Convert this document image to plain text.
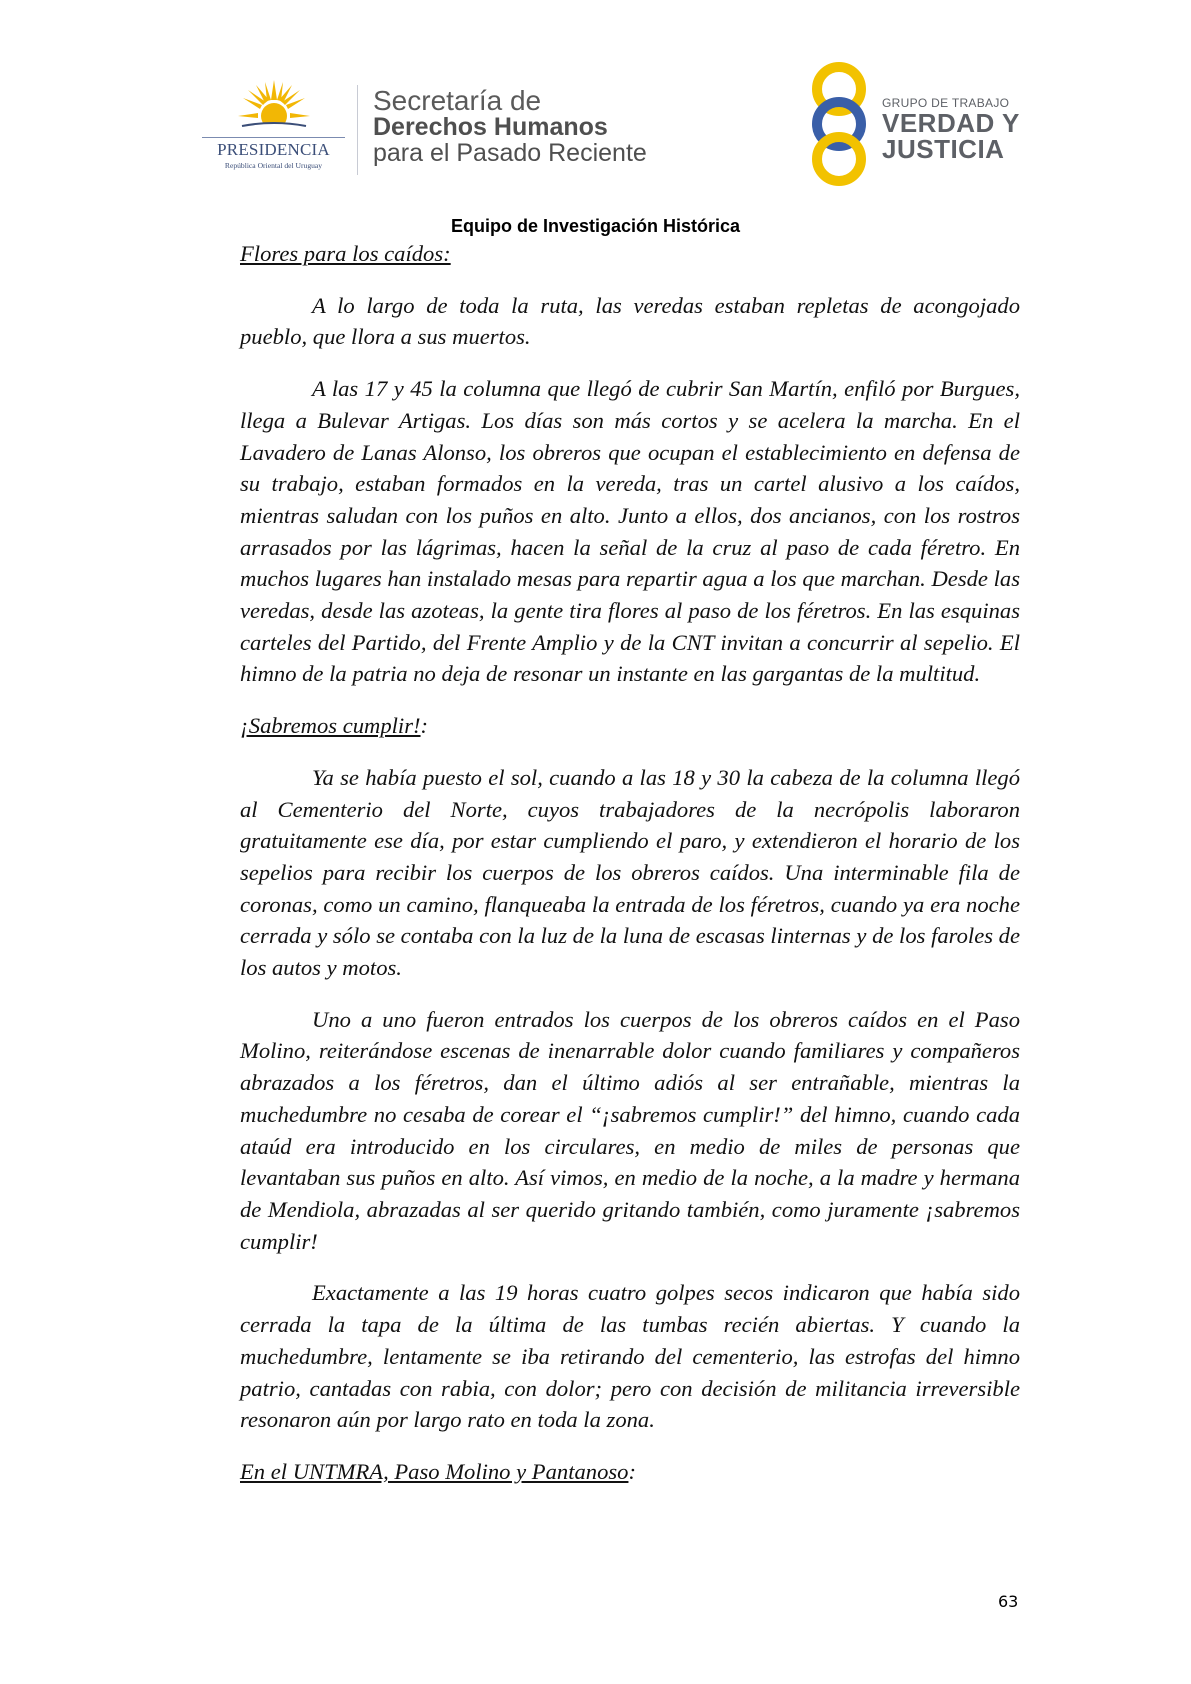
PRESIDENCIA
República Oriental del Uruguay
Secretaría de
Derechos Humanos
para el Pasado Reciente
GRUPO DE TRABAJO
VERDAD Y
JUSTICIA
Equipo de Investigación Histórica

Flores para los caídos:

A lo largo de toda la ruta, las veredas estaban repletas de acongojado pueblo, que llora a sus muertos.

A las 17 y 45 la columna que llegó de cubrir San Martín, enfiló por Burgues, llega a Bulevar Artigas. Los días son más cortos y se acelera la marcha. En el Lavadero de Lanas Alonso, los obreros que ocupan el establecimiento en defensa de su trabajo, estaban formados en la vereda, tras un cartel alusivo a los caídos, mientras saludan con los puños en alto. Junto a ellos, dos ancianos, con los rostros arrasados por las lágrimas, hacen la señal de la cruz al paso de cada féretro. En muchos lugares han instalado mesas para repartir agua a los que marchan. Desde las veredas, desde las azoteas, la gente tira flores al paso de los féretros. En las esquinas carteles del Partido, del Frente Amplio y de la CNT invitan a concurrir al sepelio. El himno de la patria no deja de resonar un instante en las gargantas de la multitud.

¡Sabremos cumplir!:

Ya se había puesto el sol, cuando a las 18 y 30 la cabeza de la columna llegó al Cementerio del Norte, cuyos trabajadores de la necrópolis laboraron gratuitamente ese día, por estar cumpliendo el paro, y extendieron el horario de los sepelios para recibir los cuerpos de los obreros caídos. Una interminable fila de coronas, como un camino, flanqueaba la entrada de los féretros, cuando ya era noche cerrada y sólo se contaba con la luz de la luna de escasas linternas y de los faroles de los autos y motos.

Uno a uno fueron entrados los cuerpos de los obreros caídos en el Paso Molino, reiterándose escenas de inenarrable dolor cuando familiares y compañeros abrazados a los féretros, dan el último adiós al ser entrañable, mientras la muchedumbre no cesaba de corear el “¡sabremos cumplir!” del himno, cuando cada ataúd era introducido en los circulares, en medio de miles de personas que levantaban sus puños en alto. Así vimos, en medio de la noche, a la madre y hermana de Mendiola, abrazadas al ser querido gritando también, como juramente ¡sabremos cumplir!

Exactamente a las 19 horas cuatro golpes secos indicaron que había sido cerrada la tapa de la última de las tumbas recién abiertas. Y cuando la muchedumbre, lentamente se iba retirando del cementerio, las estrofas del himno patrio, cantadas con rabia, con dolor; pero con decisión de militancia irreversible resonaron aún por largo rato en toda la zona.

En el UNTMRA, Paso Molino y Pantanoso:

63
